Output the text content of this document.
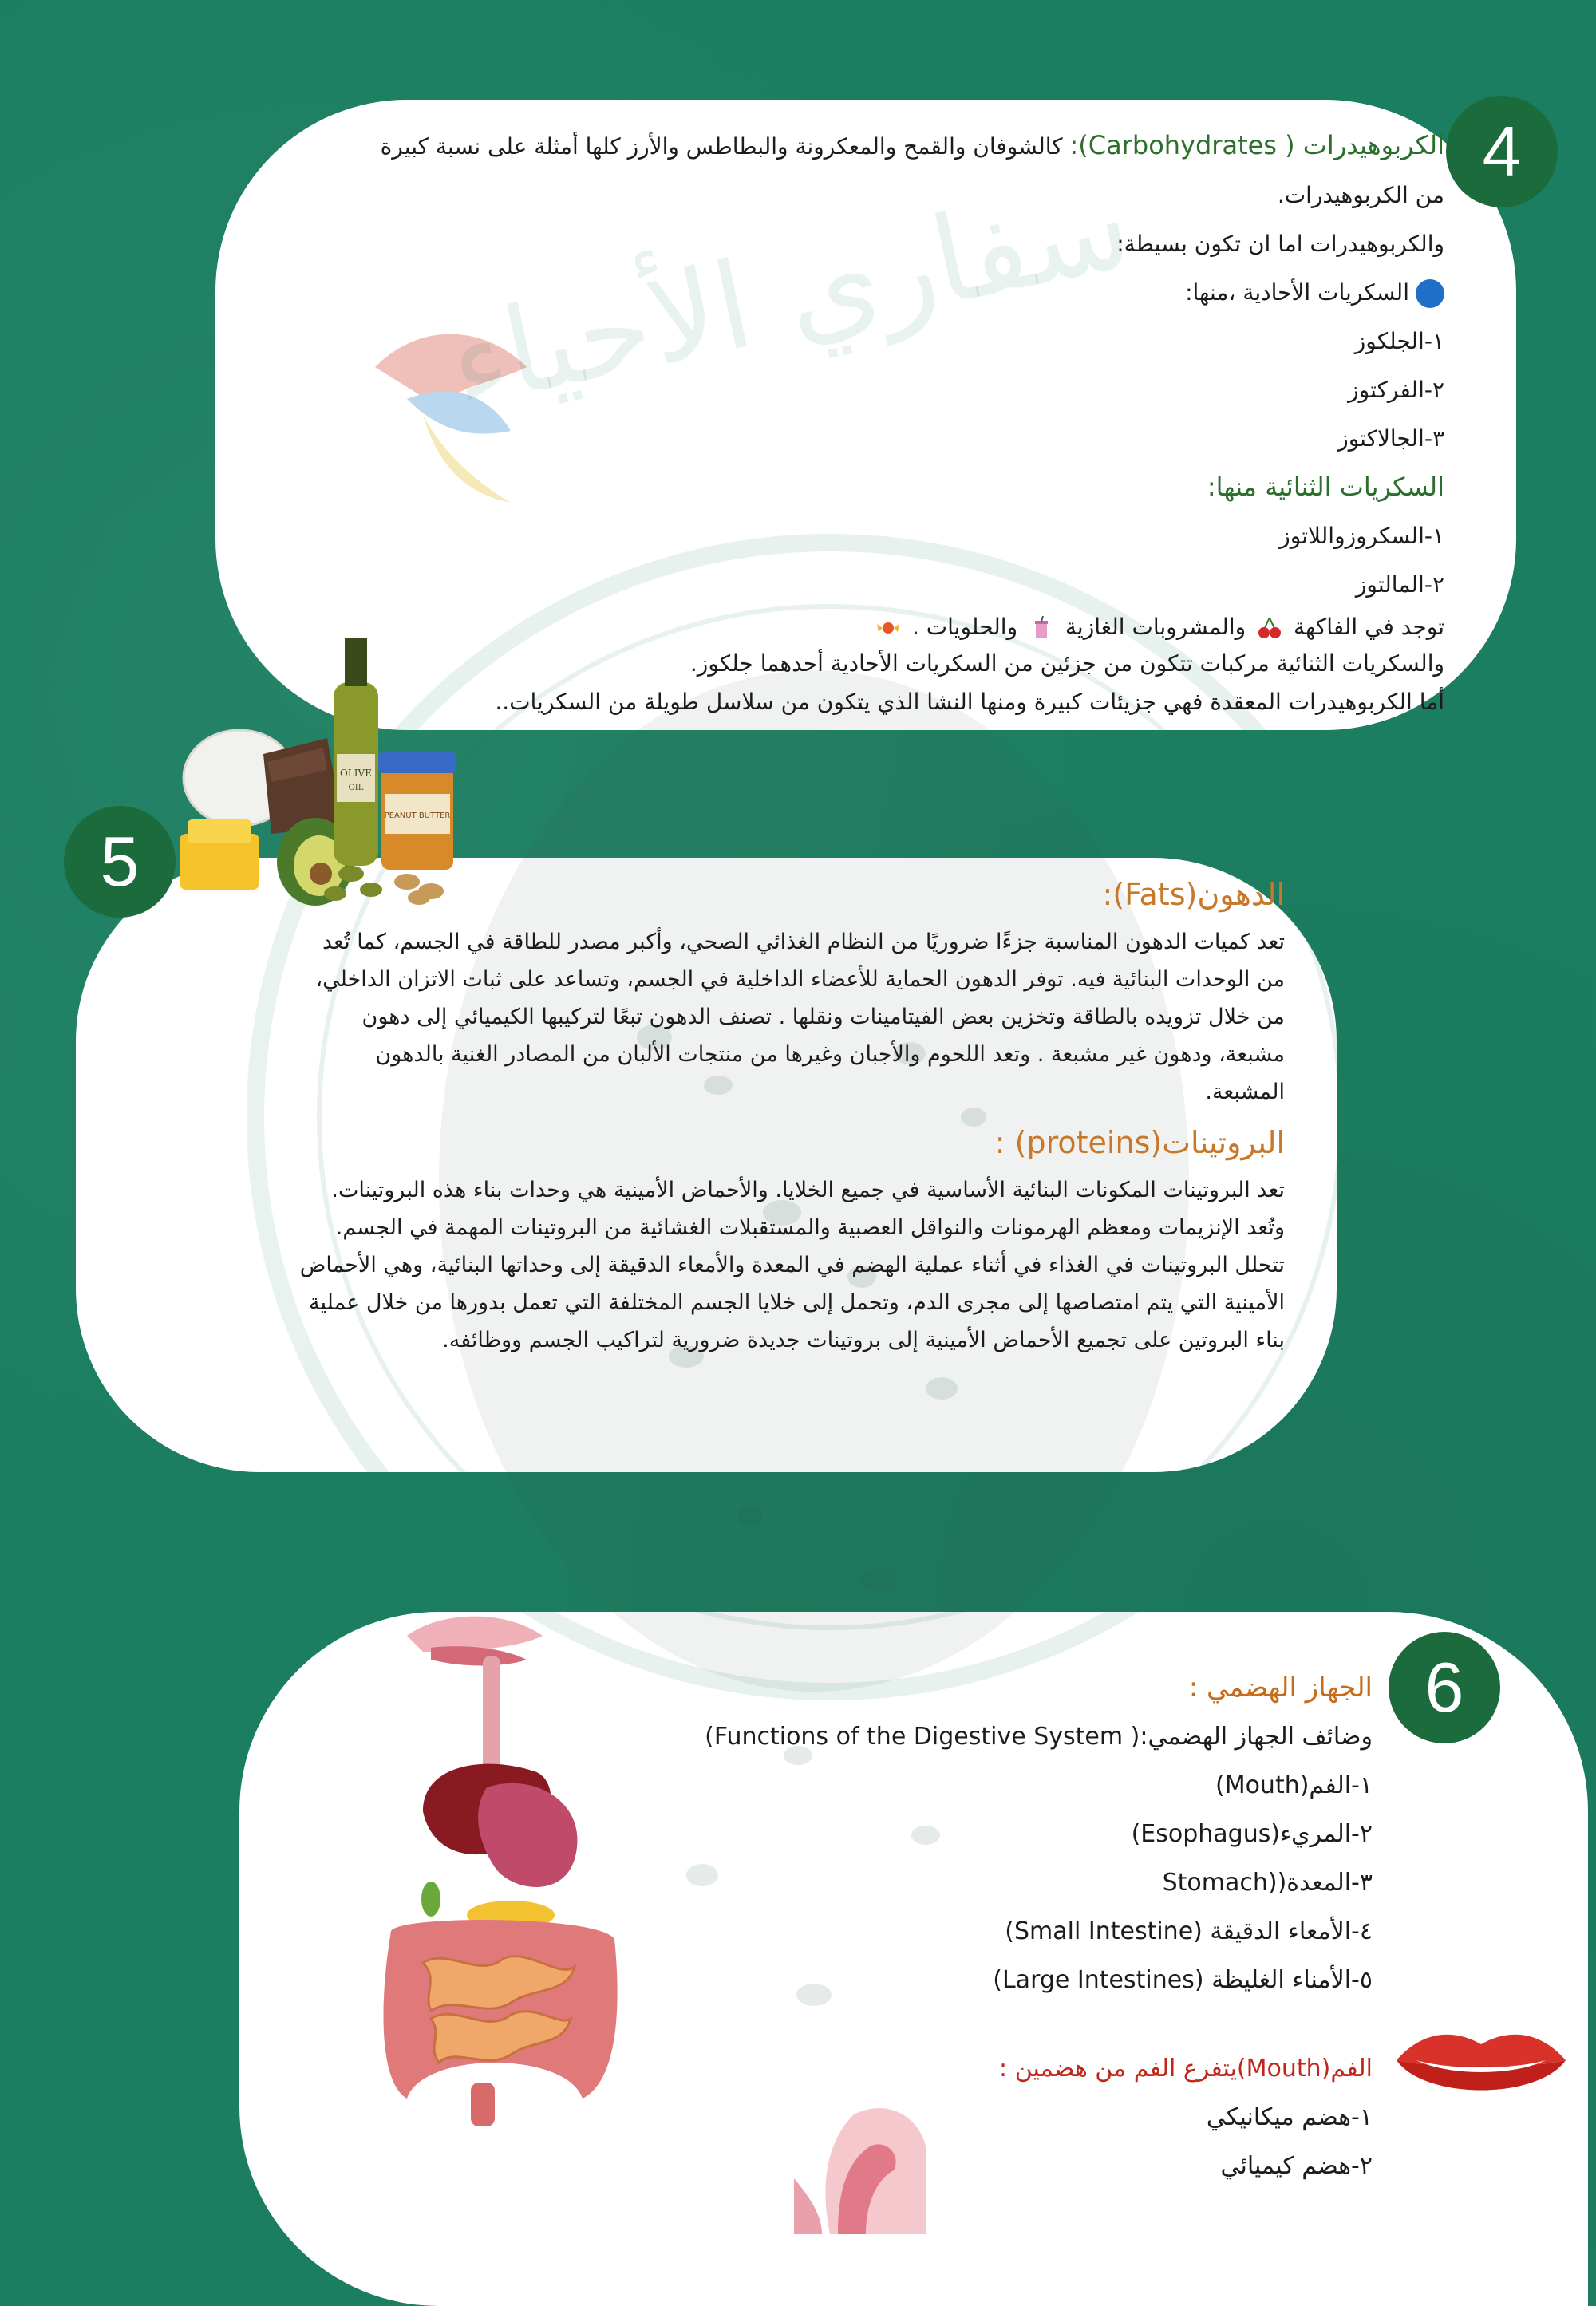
4
5
6
الكربوهيدرات ( Carbohydrates): كالشوفان والقمح والمعكرونة والبطاطس والأرز كلها أمثلة على نسبة كبيرة
من الكربوهيدرات.
والكربوهيدرات اما ان تكون بسيطة:
السكريات الأحادية ،منها:
١-الجلكوز
٢-الفركتوز
٣-الجالاكتوز
السكريات الثنائية منها:
١-السكروزواللاتوز
٢-المالتوز
توجد في الفاكهة  والمشروبات الغازية  والحلويات .
والسكريات الثنائية مركبات تتكون من جزئين من السكريات الأحادية أحدهما جلكوز.
أما الكربوهيدرات المعقدة فهي جزيئات كبيرة ومنها النشا الذي يتكون من سلاسل طويلة من السكريات..
OLIVE
OIL
PEANUT BUTTER
الدهون(Fats):
تعد كميات الدهون المناسبة جزءًا ضروريًا من النظام الغذائي الصحي، وأكبر مصدر للطاقة في الجسم، كما تُعد
من الوحدات البنائية فيه. توفر الدهون الحماية للأعضاء الداخلية في الجسم، وتساعد على ثبات الاتزان الداخلي،
من خلال تزويده بالطاقة وتخزين بعض الفيتامينات ونقلها . تصنف الدهون تبعًا لتركيبها الكيميائي إلى دهون
مشبعة، ودهون غير مشبعة . وتعد اللحوم والأجبان وغيرها من منتجات الألبان من المصادر الغنية بالدهون
المشبعة.
البروتينات(proteins) :
تعد البروتينات المكونات البنائية الأساسية في جميع الخلايا. والأحماض الأمينية هي وحدات بناء هذه البروتينات.
وتُعد الإنزيمات ومعظم الهرمونات والنواقل العصبية والمستقبلات الغشائية من البروتينات المهمة في الجسم.
تتحلل البروتينات في الغذاء في أثناء عملية الهضم في المعدة والأمعاء الدقيقة إلى وحداتها البنائية، وهي الأحماض
الأمينية التي يتم امتصاصها إلى مجرى الدم، وتحمل إلى خلايا الجسم المختلفة التي تعمل بدورها من خلال عملية
بناء البروتين على تجميع الأحماض الأمينية إلى بروتينات جديدة ضرورية لتراكيب الجسم ووظائفه.
الجهاز الهضمي :
وضائف الجهاز الهضمي:( Functions of the Digestive System)
١-الفم(Mouth)
٢-المريء(Esophagus)
٣-المعدة((Stomach
٤-الأمعاء الدقيقة (Small Intestine)
٥-الأمناء الغليظة (Large Intestines)
الفم(Mouth)يتفرع الفم من هضمين :
١-هضم ميكانيكي
٢-هضم كيميائي
